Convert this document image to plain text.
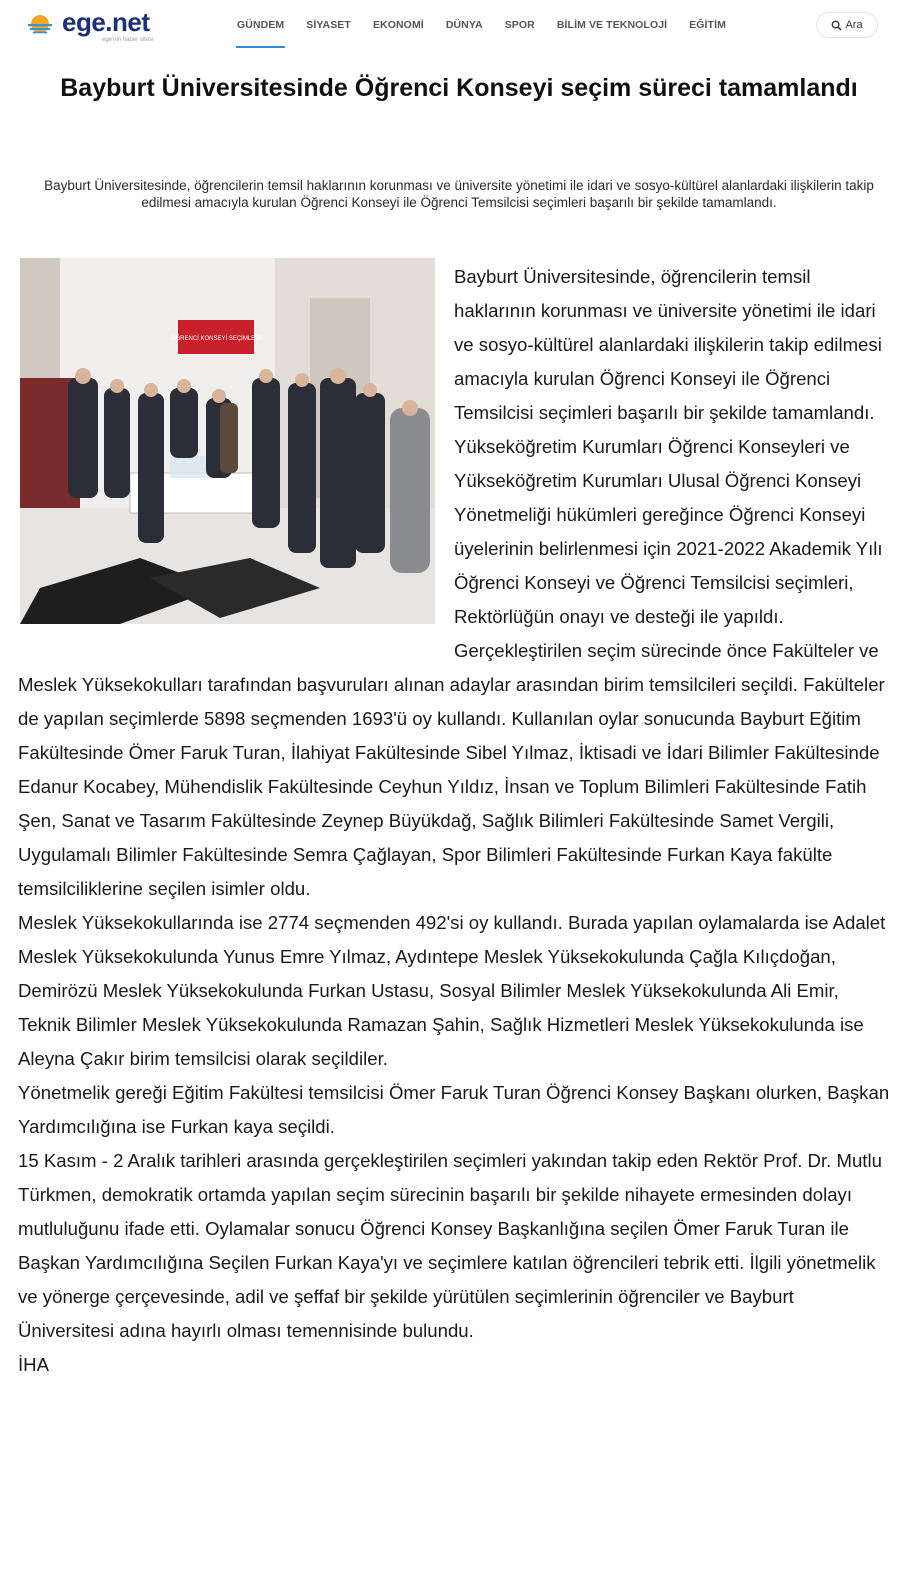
ege.net
ege'nin haber sitesi
GÜNDEM	SİYASET	EKONOMİ	DÜNYA	SPOR	BİLİM VE TEKNOLOJİ	EĞİTİM	Ara
Bayburt Üniversitesinde Öğrenci Konseyi seçim süreci tamamlandı

Bayburt Üniversitesinde, öğrencilerin temsil haklarının korunması ve üniversite yönetimi ile idari ve sosyo-kültürel alanlardaki ilişkilerin takip edilmesi amacıyla kurulan Öğrenci Konseyi ile Öğrenci Temsilcisi seçimleri başarılı bir şekilde tamamlandı.

ÖĞRENCİ KONSEYİ SEÇİMLERİ

Bayburt Üniversitesinde, öğrencilerin temsil haklarının korunması ve üniversite yönetimi ile idari ve sosyo-kültürel alanlardaki ilişkilerin takip edilmesi amacıyla kurulan Öğrenci Konseyi ile Öğrenci Temsilcisi seçimleri başarılı bir şekilde tamamlandı. Yükseköğretim Kurumları Öğrenci Konseyleri ve Yükseköğretim Kurumları Ulusal Öğrenci Konseyi Yönetmeliği hükümleri gereğince Öğrenci Konseyi üyelerinin belirlenmesi için 2021-2022 Akademik Yılı Öğrenci Konseyi ve Öğrenci Temsilcisi seçimleri, Rektörlüğün onayı ve desteği ile yapıldı.

Gerçekleştirilen seçim sürecinde önce Fakülteler ve Meslek Yüksekokulları tarafından başvuruları alınan adaylar arasından birim temsilcileri seçildi. Fakülteler de yapılan seçimlerde 5898 seçmenden 1693'ü oy kullandı. Kullanılan oylar sonucunda Bayburt Eğitim Fakültesinde Ömer Faruk Turan, İlahiyat Fakültesinde Sibel Yılmaz, İktisadi ve İdari Bilimler Fakültesinde Edanur Kocabey, Mühendislik Fakültesinde Ceyhun Yıldız, İnsan ve Toplum Bilimleri Fakültesinde Fatih Şen, Sanat ve Tasarım Fakültesinde Zeynep Büyükdağ, Sağlık Bilimleri Fakültesinde Samet Vergili, Uygulamalı Bilimler Fakültesinde Semra Çağlayan, Spor Bilimleri Fakültesinde Furkan Kaya fakülte temsilciliklerine seçilen isimler oldu.

Meslek Yüksekokullarında ise 2774 seçmenden 492'si oy kullandı. Burada yapılan oylamalarda ise Adalet Meslek Yüksekokulunda Yunus Emre Yılmaz, Aydıntepe Meslek Yüksekokulunda Çağla Kılıçdoğan, Demirözü Meslek Yüksekokulunda Furkan Ustasu, Sosyal Bilimler Meslek Yüksekokulunda Ali Emir, Teknik Bilimler Meslek Yüksekokulunda Ramazan Şahin, Sağlık Hizmetleri Meslek Yüksekokulunda ise Aleyna Çakır birim temsilcisi olarak seçildiler.

Yönetmelik gereği Eğitim Fakültesi temsilcisi Ömer Faruk Turan Öğrenci Konsey Başkanı olurken, Başkan Yardımcılığına ise Furkan kaya seçildi.

15 Kasım - 2 Aralık tarihleri arasında gerçekleştirilen seçimleri yakından takip eden Rektör Prof. Dr. Mutlu Türkmen, demokratik ortamda yapılan seçim sürecinin başarılı bir şekilde nihayete ermesinden dolayı mutluluğunu ifade etti. Oylamalar sonucu Öğrenci Konsey Başkanlığına seçilen Ömer Faruk Turan ile Başkan Yardımcılığına Seçilen Furkan Kaya'yı ve seçimlere katılan öğrencileri tebrik etti. İlgili yönetmelik ve yönerge çerçevesinde, adil ve şeffaf bir şekilde yürütülen seçimlerinin öğrenciler ve Bayburt Üniversitesi adına hayırlı olması temennisinde bulundu.

İHA
